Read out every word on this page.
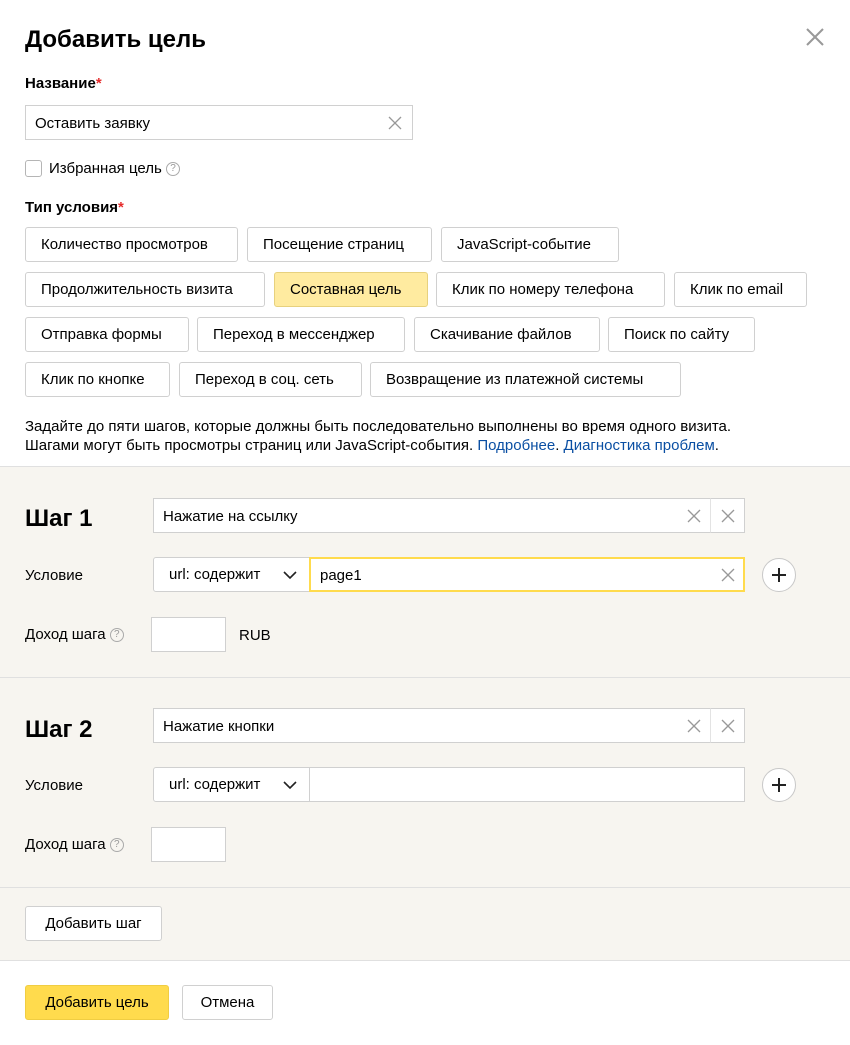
Добавить цель
Название*
Оставить заявку
Избранная цель ?
Тип условия*
Количество просмотров	Посещение страниц	JavaScript-событие
Продолжительность визита	Составная цель	Клик по номеру телефона	Клик по email
Отправка формы	Переход в мессенджер	Скачивание файлов	Поиск по сайту
Клик по кнопке	Переход в соц. сеть	Возвращение из платежной системы
Задайте до пяти шагов, которые должны быть последовательно выполнены во время одного визита.
Шагами могут быть просмотры страниц или JavaScript-события. Подробнее. Диагностика проблем.
Шаг 1	Нажатие на ссылку
Условие	url: содержит	page1
Доход шага ?	RUB
Шаг 2	Нажатие кнопки
Условие	url: содержит
Доход шага ?
Добавить шаг
Добавить цель	Отмена
